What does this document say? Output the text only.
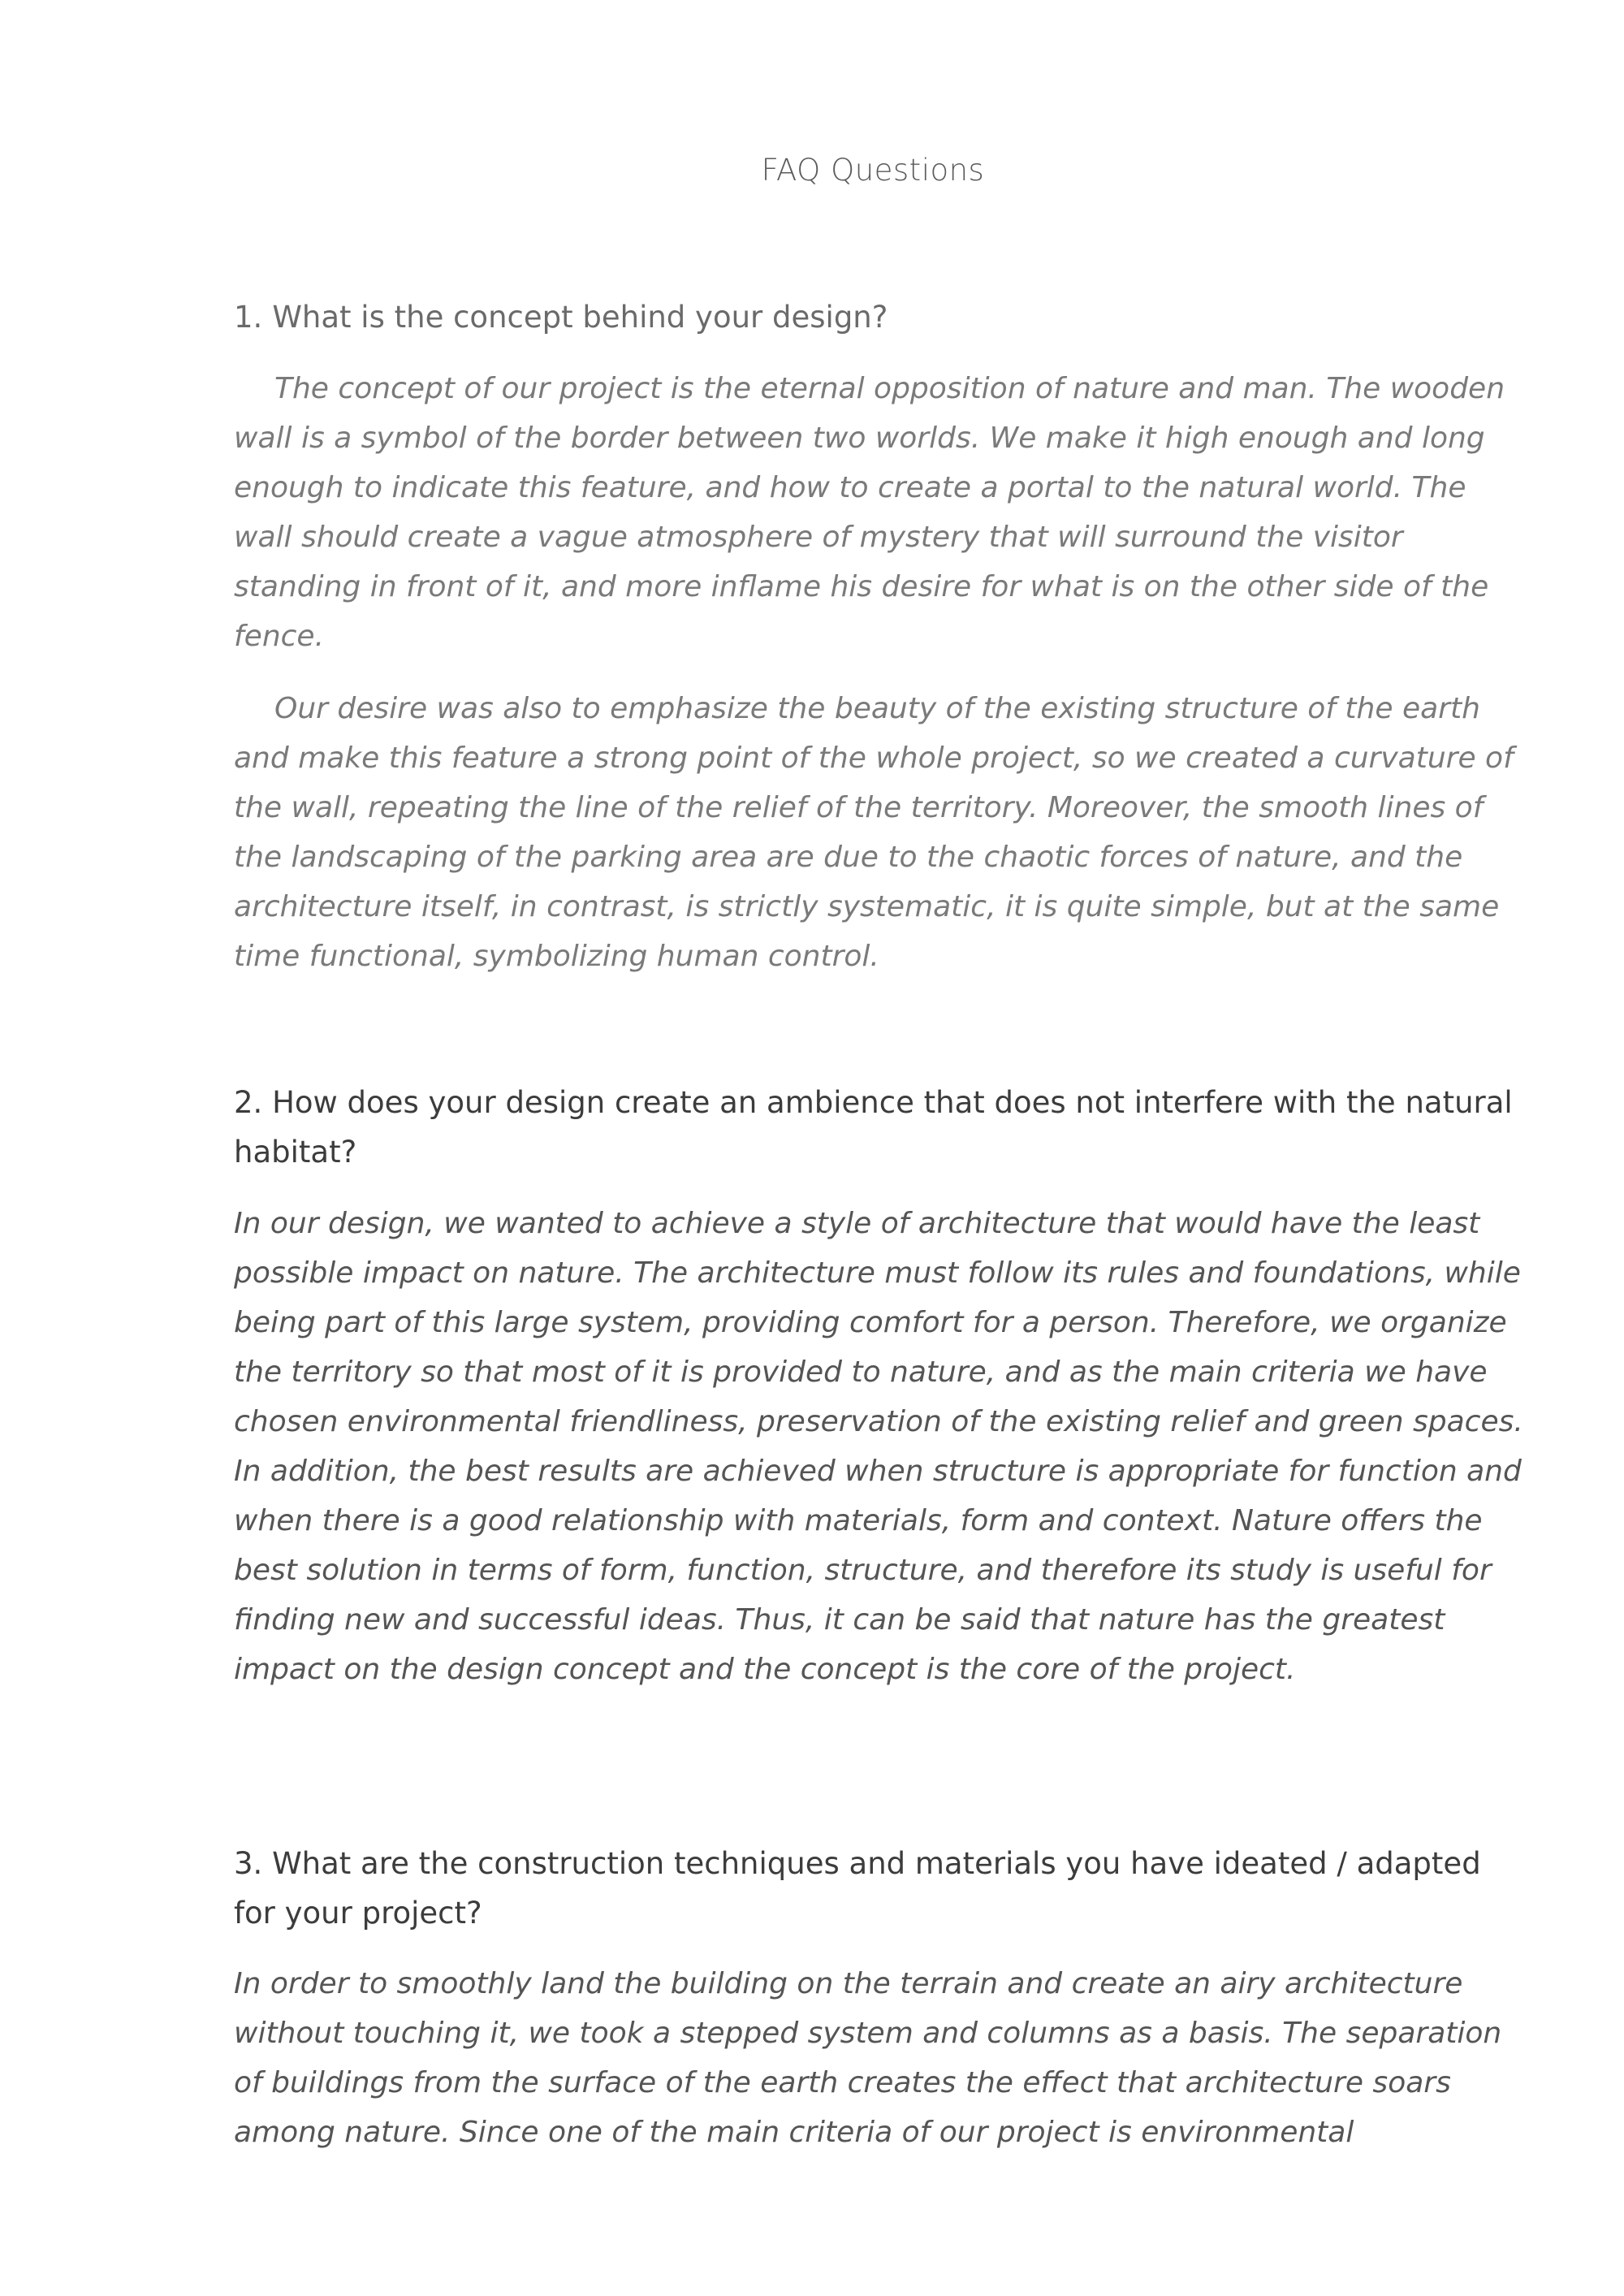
FAQ Questions

1. What is the concept behind your design?

The concept of our project is the eternal opposition of nature and man. The wooden wall is a symbol of the border between two worlds. We make it high enough and long enough to indicate this feature, and how to create a portal to the natural world. The wall should create a vague atmosphere of mystery that will surround the visitor standing in front of it, and more inflame his desire for what is on the other side of the fence.

Our desire was also to emphasize the beauty of the existing structure of the earth and make this feature a strong point of the whole project, so we created a curvature of the wall, repeating the line of the relief of the territory. Moreover, the smooth lines of the landscaping of the parking area are due to the chaotic forces of nature, and the architecture itself, in contrast, is strictly systematic, it is quite simple, but at the same time functional, symbolizing human control.

2. How does your design create an ambience that does not interfere with the natural habitat?

In our design, we wanted to achieve a style of architecture that would have the least possible impact on nature. The architecture must follow its rules and foundations, while being part of this large system, providing comfort for a person. Therefore, we organize the territory so that most of it is provided to nature, and as the main criteria we have chosen environmental friendliness, preservation of the existing relief and green spaces. In addition, the best results are achieved when structure is appropriate for function and when there is a good relationship with materials, form and context. Nature offers the best solution in terms of form, function, structure, and therefore its study is useful for finding new and successful ideas. Thus, it can be said that nature has the greatest impact on the design concept and the concept is the core of the project.

3. What are the construction techniques and materials you have ideated / adapted for your project?

In order to smoothly land the building on the terrain and create an airy architecture without touching it, we took a stepped system and columns as a basis. The separation of buildings from the surface of the earth creates the effect that architecture soars among nature. Since one of the main criteria of our project is environmental
